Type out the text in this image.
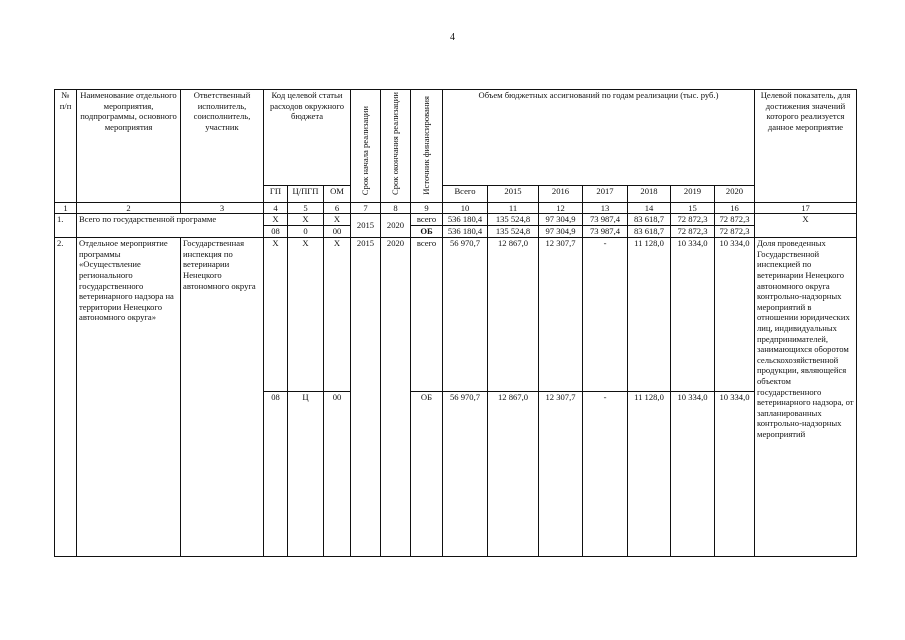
4
№ п/п	Наименование отдельного мероприятия, подпрограммы, основного мероприятия	Ответственный исполнитель, соисполнитель, участник	Код целевой статьи расходов окружного бюджета			Срок начала реализации	Срок окончания реализации	Источник финансирования	Объем бюджетных ассигнований по годам реализации (тыс. руб.)							Целевой показатель, для достижения значений которого реализуется данное мероприятие
			ГП	Ц/ПГП	ОМ				Всего	2015	2016	2017	2018	2019	2020	
1	2	3	4	5	6	7	8	9	10	11	12	13	14	15	16	17
1.	Всего по государственной программе		Х	Х	Х	2015	2020	всего	536 180,4	135 524,8	97 304,9	73 987,4	83 618,7	72 872,3	72 872,3	Х
			08	0	00			ОБ	536 180,4	135 524,8	97 304,9	73 987,4	83 618,7	72 872,3	72 872,3	
2.	Отдельное мероприятие программы «Осуществление регионального государственного ветеринарного надзора на территории Ненецкого автономного округа»	Государственная инспекция по ветеринарии Ненецкого автономного округа	Х	Х	Х	2015	2020	всего	56 970,7	12 867,0	12 307,7	-	11 128,0	10 334,0	10 334,0	Доля проведенных Государственной инспекцией по ветеринарии Ненецкого автономного округа контрольно-надзорных мероприятий в отношении юридических лиц, индивидуальных предпринимателей, занимающихся оборотом сельскохозяйственной продукции, являющейся объектом государственного ветеринарного надзора, от запланированных контрольно-надзорных мероприятий
			08	Ц	00			ОБ	56 970,7	12 867,0	12 307,7	-	11 128,0	10 334,0	10 334,0	
